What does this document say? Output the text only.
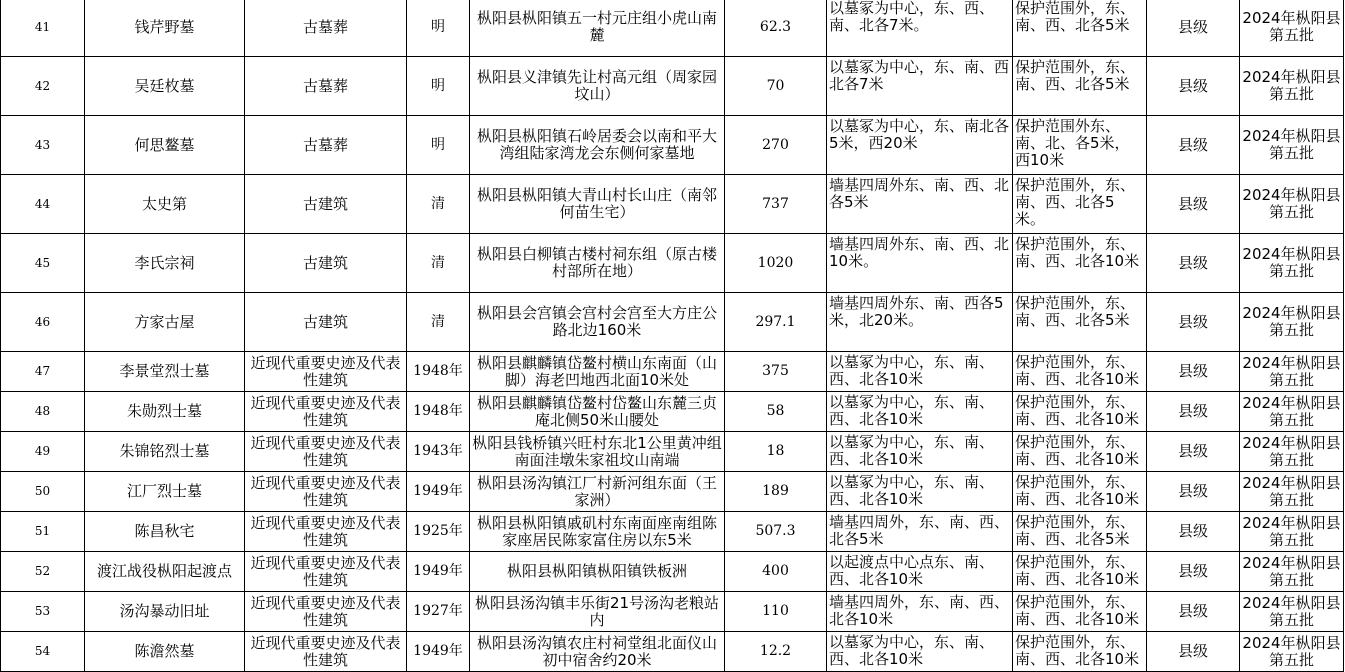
41	钱芹野墓	古墓葬	明	枞阳县枞阳镇五一村元庄组小虎山南麓	62.3	以墓冢为中心，东、西、南、北各7米。	保护范围外，东、南、西、北各5米	县级	2024年枞阳县第五批
42	吴廷枚墓	古墓葬	明	枞阳县义津镇先让村高元组（周家园坟山）	70	以墓冢为中心，东、南、西北各7米	保护范围外，东、南、西、北各5米	县级	2024年枞阳县第五批
43	何思鳌墓	古墓葬	明	枞阳县枞阳镇石岭居委会以南和平大湾组陆家湾龙会东侧何家墓地	270	以墓冢为中心，东、南北各5米，西20米	保护范围外东、南、北、各5米，西10米	县级	2024年枞阳县第五批
44	太史第	古建筑	清	枞阳县枞阳镇大青山村长山庄（南邻何苗生宅）	737	墙基四周外东、南、西、北各5米	保护范围外，东、南、西、北各5米。	县级	2024年枞阳县第五批
45	李氏宗祠	古建筑	清	枞阳县白柳镇古楼村祠东组（原古楼村部所在地）	1020	墙基四周外东、南、西、北10米。	保护范围外，东、南、西、北各10米	县级	2024年枞阳县第五批
46	方家古屋	古建筑	清	枞阳县会宫镇会宫村会宫至大方庄公路北边160米	297.1	墙基四周外东、南、西各5米，北20米。	保护范围外，东、南、西、北各5米	县级	2024年枞阳县第五批
47	李景堂烈士墓	近现代重要史迹及代表性建筑	1948年	枞阳县麒麟镇岱鳌村横山东南面（山脚）海老凹地西北面10米处	375	以墓冢为中心，东、南、西、北各10米	保护范围外，东、南、西、北各10米	县级	2024年枞阳县第五批
48	朱勋烈士墓	近现代重要史迹及代表性建筑	1948年	枞阳县麒麟镇岱鳌村岱鳌山东麓三贞庵北侧50米山腰处	58	以墓冢为中心，东、南、西、北各10米	保护范围外，东、南、西、北各10米	县级	2024年枞阳县第五批
49	朱锦铭烈士墓	近现代重要史迹及代表性建筑	1943年	枞阳县钱桥镇兴旺村东北1公里黄冲组南面洼墩朱家祖坟山南端	18	以墓冢为中心，东、南、西、北各10米	保护范围外，东、南、西、北各10米	县级	2024年枞阳县第五批
50	江厂烈士墓	近现代重要史迹及代表性建筑	1949年	枞阳县汤沟镇江厂村新河组东面（王家洲）	189	以墓冢为中心，东、南、西、北各10米	保护范围外，东、南、西、北各10米	县级	2024年枞阳县第五批
51	陈昌秋宅	近现代重要史迹及代表性建筑	1925年	枞阳县枞阳镇戚矶村东南面座南组陈家座居民陈家富住房以东5米	507.3	墙基四周外，东、南、西、北各5米	保护范围外，东、南、西、北各5米	县级	2024年枞阳县第五批
52	渡江战役枞阳起渡点	近现代重要史迹及代表性建筑	1949年	枞阳县枞阳镇枞阳镇铁板洲	400	以起渡点中心点东、南、西、北各10米	保护范围外，东、南、西、北各10米	县级	2024年枞阳县第五批
53	汤沟暴动旧址	近现代重要史迹及代表性建筑	1927年	枞阳县汤沟镇丰乐街21号汤沟老粮站内	110	墙基四周外，东、南、西、北各10米	保护范围外，东、南、西、北各10米	县级	2024年枞阳县第五批
54	陈澹然墓	近现代重要史迹及代表性建筑	1949年	枞阳县汤沟镇农庄村祠堂组北面仪山初中宿舍约20米	12.2	以墓冢为中心，东、南、西、北各10米	保护范围外，东、南、西、北各10米	县级	2024年枞阳县第五批
